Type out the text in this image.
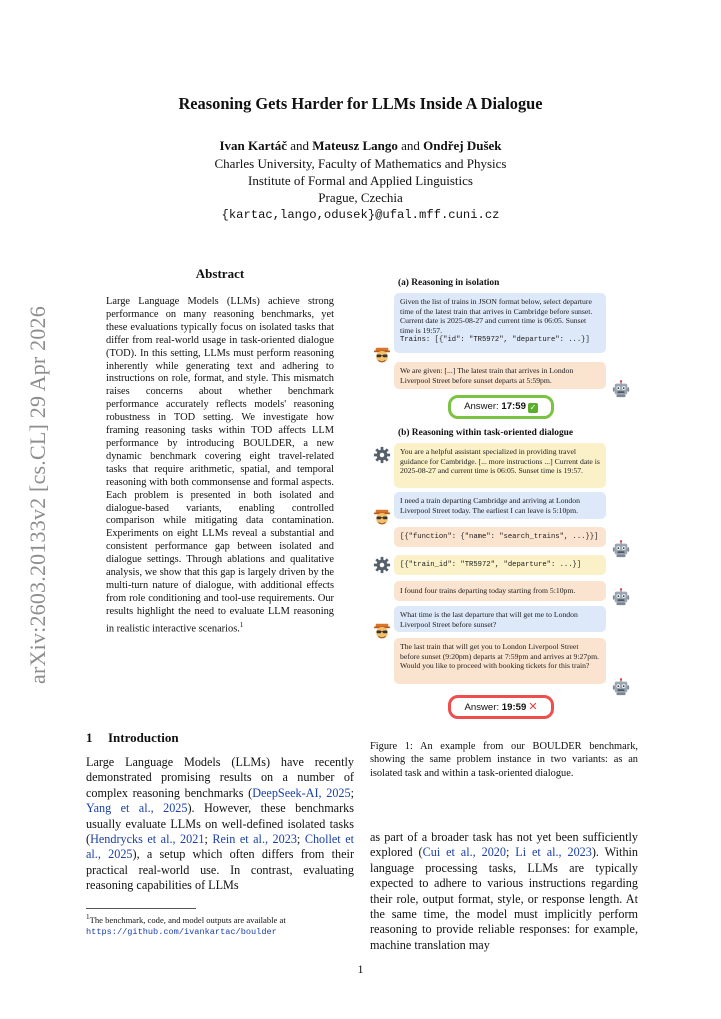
arXiv:2603.20133v2 [cs.CL] 29 Apr 2026
Reasoning Gets Harder for LLMs Inside A Dialogue
Ivan Kartáč and Mateusz Lango and Ondřej Dušek
Charles University, Faculty of Mathematics and Physics
Institute of Formal and Applied Linguistics
Prague, Czechia
{kartac,lango,odusek}@ufal.mff.cuni.cz
Abstract
Large Language Models (LLMs) achieve strong performance on many reasoning benchmarks, yet these evaluations typically focus on isolated tasks that differ from real-world usage in task-oriented dialogue (TOD). In this setting, LLMs must perform reasoning inherently while generating text and adhering to instructions on role, format, and style. This mismatch raises concerns about whether benchmark performance accurately reflects models' reasoning robustness in TOD setting. We investigate how framing reasoning tasks within TOD affects LLM performance by introducing BOULDER, a new dynamic benchmark covering eight travel-related tasks that require arithmetic, spatial, and temporal reasoning with both commonsense and formal aspects. Each problem is presented in both isolated and dialogue-based variants, enabling controlled comparison while mitigating data contamination. Experiments on eight LLMs reveal a substantial and consistent performance gap between isolated and dialogue settings. Through ablations and qualitative analysis, we show that this gap is largely driven by the multi-turn nature of dialogue, with additional effects from role conditioning and tool-use requirements. Our results highlight the need to evaluate LLM reasoning in realistic interactive scenarios.$^1$
1 Introduction
Large Language Models (LLMs) have recently demonstrated promising results on a number of complex reasoning benchmarks (DeepSeek-AI, 2025; Yang et al., 2025). However, these benchmarks usually evaluate LLMs on well-defined isolated tasks (Hendrycks et al., 2021; Rein et al., 2023; Chollet et al., 2025), a setup which often differs from their practical real-world use. In contrast, evaluating reasoning capabilities of LLMs
$^1$The benchmark, code, and model outputs are available at
https://github.com/ivankartac/boulder
(a) Reasoning in isolation
Given the list of trains in JSON format below, select departure time of the latest train that arrives in Cambridge before sunset. Current date is 2025-08-27 and current time is 06:05. Sunset time is 19:57.
Trains: [{"id": "TR5972", "departure": ...}]
We are given: [...] The latest train that arrives in London Liverpool Street before sunset departs at 5:59pm.
Answer: 17:59 ✓
(b) Reasoning within task-oriented dialogue
You are a helpful assistant specialized in providing travel guidance for Cambridge. [... more instructions ...] Current date is 2025-08-27 and current time is 06:05. Sunset time is 19:57.
I need a train departing Cambridge and arriving at London Liverpool Street today. The earliest I can leave is 5:10pm.
[{"function": {"name": "search_trains", ...}}]
[{"train_id": "TR5972", "departure": ...}]
I found four trains departing today starting from 5:10pm.
What time is the last departure that will get me to London Liverpool Street before sunset?
The last train that will get you to London Liverpool Street before sunset (9:20pm) departs at 7:59pm and arrives at 9:27pm. Would you like to proceed with booking tickets for this train?
Answer: 19:59 ✕
Figure 1: An example from our BOULDER benchmark, showing the same problem instance in two variants: as an isolated task and within a task-oriented dialogue.
as part of a broader task has not yet been sufficiently explored (Cui et al., 2020; Li et al., 2023). Within language processing tasks, LLMs are typically expected to adhere to various instructions regarding their role, output format, style, or response length. At the same time, the model must implicitly perform reasoning to provide reliable responses: for example, machine translation may
1
